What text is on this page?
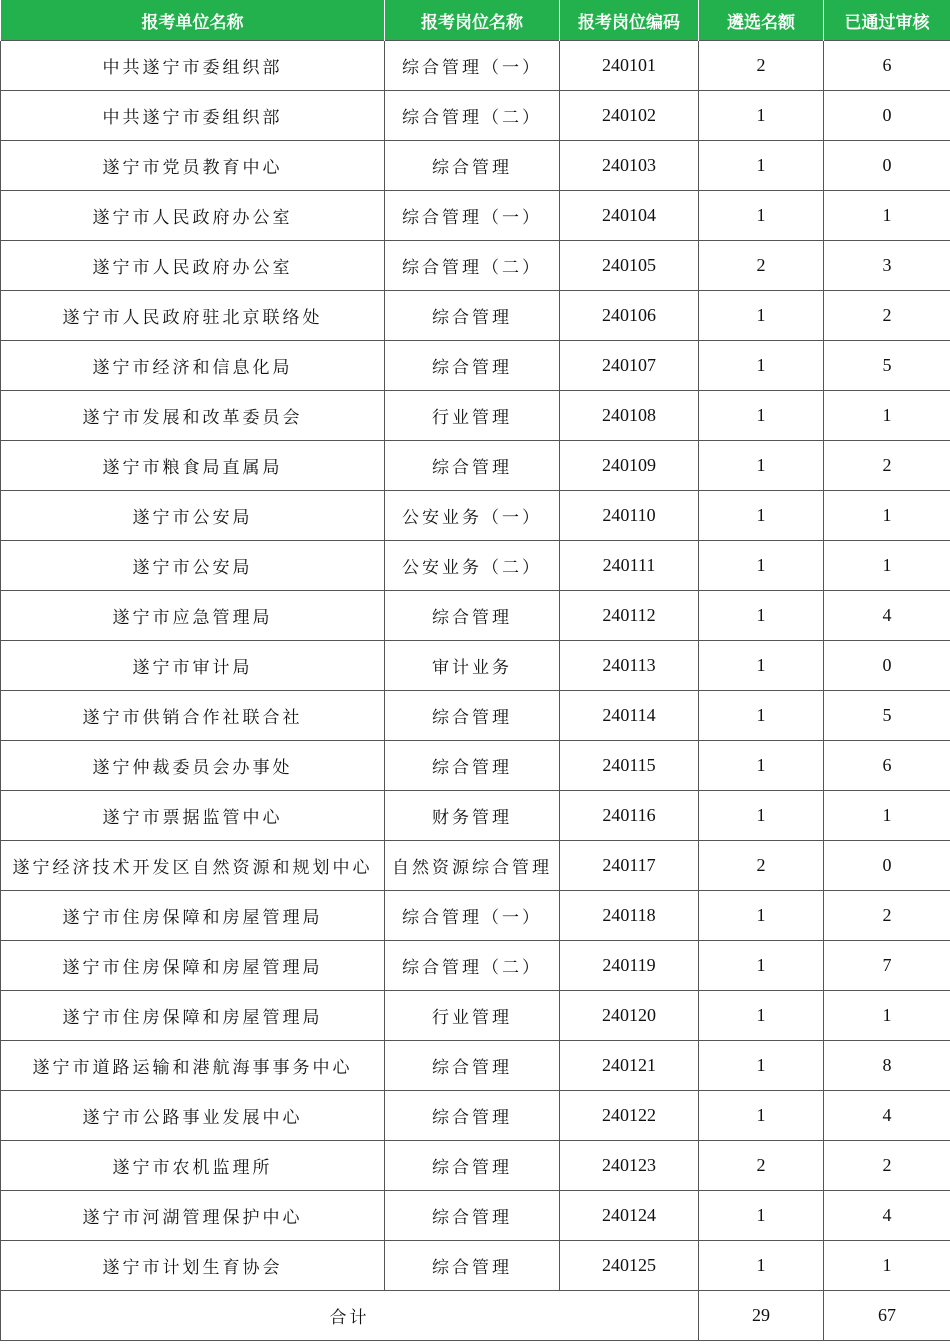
报考单位名称	报考岗位名称	报考岗位编码	遴选名额	已通过审核
中共遂宁市委组织部	综合管理（一）	240101	2	6
中共遂宁市委组织部	综合管理（二）	240102	1	0
遂宁市党员教育中心	综合管理	240103	1	0
遂宁市人民政府办公室	综合管理（一）	240104	1	1
遂宁市人民政府办公室	综合管理（二）	240105	2	3
遂宁市人民政府驻北京联络处	综合管理	240106	1	2
遂宁市经济和信息化局	综合管理	240107	1	5
遂宁市发展和改革委员会	行业管理	240108	1	1
遂宁市粮食局直属局	综合管理	240109	1	2
遂宁市公安局	公安业务（一）	240110	1	1
遂宁市公安局	公安业务（二）	240111	1	1
遂宁市应急管理局	综合管理	240112	1	4
遂宁市审计局	审计业务	240113	1	0
遂宁市供销合作社联合社	综合管理	240114	1	5
遂宁仲裁委员会办事处	综合管理	240115	1	6
遂宁市票据监管中心	财务管理	240116	1	1
遂宁经济技术开发区自然资源和规划中心	自然资源综合管理	240117	2	0
遂宁市住房保障和房屋管理局	综合管理（一）	240118	1	2
遂宁市住房保障和房屋管理局	综合管理（二）	240119	1	7
遂宁市住房保障和房屋管理局	行业管理	240120	1	1
遂宁市道路运输和港航海事事务中心	综合管理	240121	1	8
遂宁市公路事业发展中心	综合管理	240122	1	4
遂宁市农机监理所	综合管理	240123	2	2
遂宁市河湖管理保护中心	综合管理	240124	1	4
遂宁市计划生育协会	综合管理	240125	1	1
合计			29	67
